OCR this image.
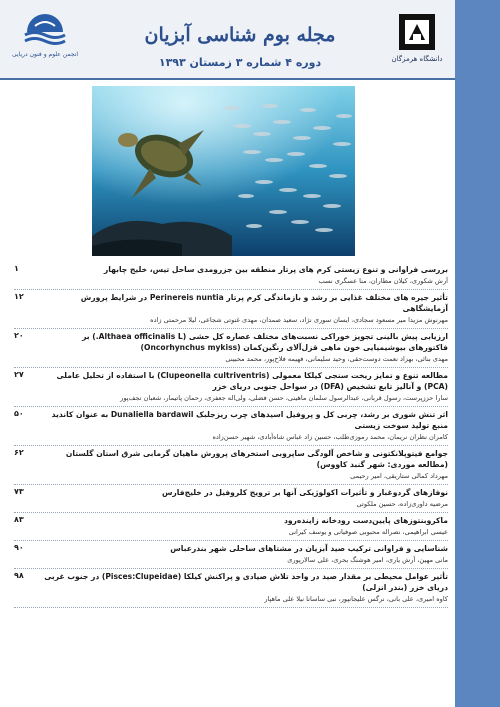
انجمن علوم و فنون دریایی
مجله بوم شناسی آبزیان
دوره ۴ شماره ۳ زمستان ۱۳۹۳	دانشگاه هرمزگان
بررسی فراوانی و تنوع زیستی کرم های پرتار منطقه بین جزرومدی ساحل تیس، خلیج چابهار
آرش شکوری، کیلان مطاران، منا عسگری نسب
۱
تأثیر جیره های مختلف غذایی بر رشد و بازماندگی کرم پرتار Perinereis nuntia در شرایط پرورش آزمایشگاهی
مهرنوش مزیدا میر مسعود سجادی، ایسان سوری نژاد، سعید صمدان، مهدی غنوتی شجاعی، لیلا مرحمتی زاده
۱۲
ارزیابی پیش بالینی تجویز خوراکی نسبت‌های مختلف عصاره کل حشی (Althaea officinalis L.) بر فاکتورهای بیوشیمیایی خون ماهی قزل‌آلای رنگین‌کمان (Oncorhynchus mykiss)
مهدی بنائی، بهزاد نعمت دوست‌حقی، وحید سلیمانی، فهیمه فلاح‌پور، محمد محبینی
۲۰
مطالعه تنوع و تمایز ریخت سنجی کیلکا معمولی (Clupeonella cultriventris) با استفاده از تحلیل عاملی (PCA) و آنالیز تابع تشخیص (DFA) در سواحل جنوبی دریای خزر
سارا حززپرست، رسول قربانی، عبدالرسول سلمان ماهینی، حسن فضلی، ولی‌اله جعفری، رحمان پاتیمار، شعبان نجف‌پور
۲۷
اثر تنش شوری بر رشد، چربی کل و پروفیل اسیدهای چرب ریزجلبک Dunaliella bardawil به عنوان کاندید منبع تولید سوخت زیستی
کامران نظران نریمان، محمد رموزی‌طلب، حسین زاد عباس شاه‌آبادی، شهیر حسن‌زاده
۵۰
جوامع فیتوپلانکتونی و شاخص آلودگی ساپروبی استخرهای پرورش ماهیان گرمابی شرق استان گلستان (مطالعه موردی: شهر گنبد کاووس)
مهرداد کمالی ستاریقی، امیر رحیمی
۶۲
نوفازهای گردوغبار و تأثیرات اکولوژیکی آنها بر ترویج کلروفیل در خلیج‌فارس
مرضیه داوری‌زاده، حسین ملکوتی
۷۳
ماکروبنتوزهای پایین‌دست رودخانه زاینده‌رود
عیسی ابراهیمی، نصراله محبوبی صوفیانی و یوسف کیرانی
۸۳
شناسایی و فراوانی ترکیب صید آبزیان در مشتاهای ساحلی شهر بندرعباس
مانی مهین، آرش یاری، امیر هوشنگ بحری، علی سالارپوری
۹۰
تأثیر عوامل محیطی بر مقدار صید در واحد تلاش صیادی و پراکنش کیلکا (Pisces:Clupeidae) در جنوب غربی دریای خزر (بندر انزلی)
کاوه امیری، علی بانی، نرگس علیجانپور، نبی ساسانا نیلا علی ماهپار
۹۸
